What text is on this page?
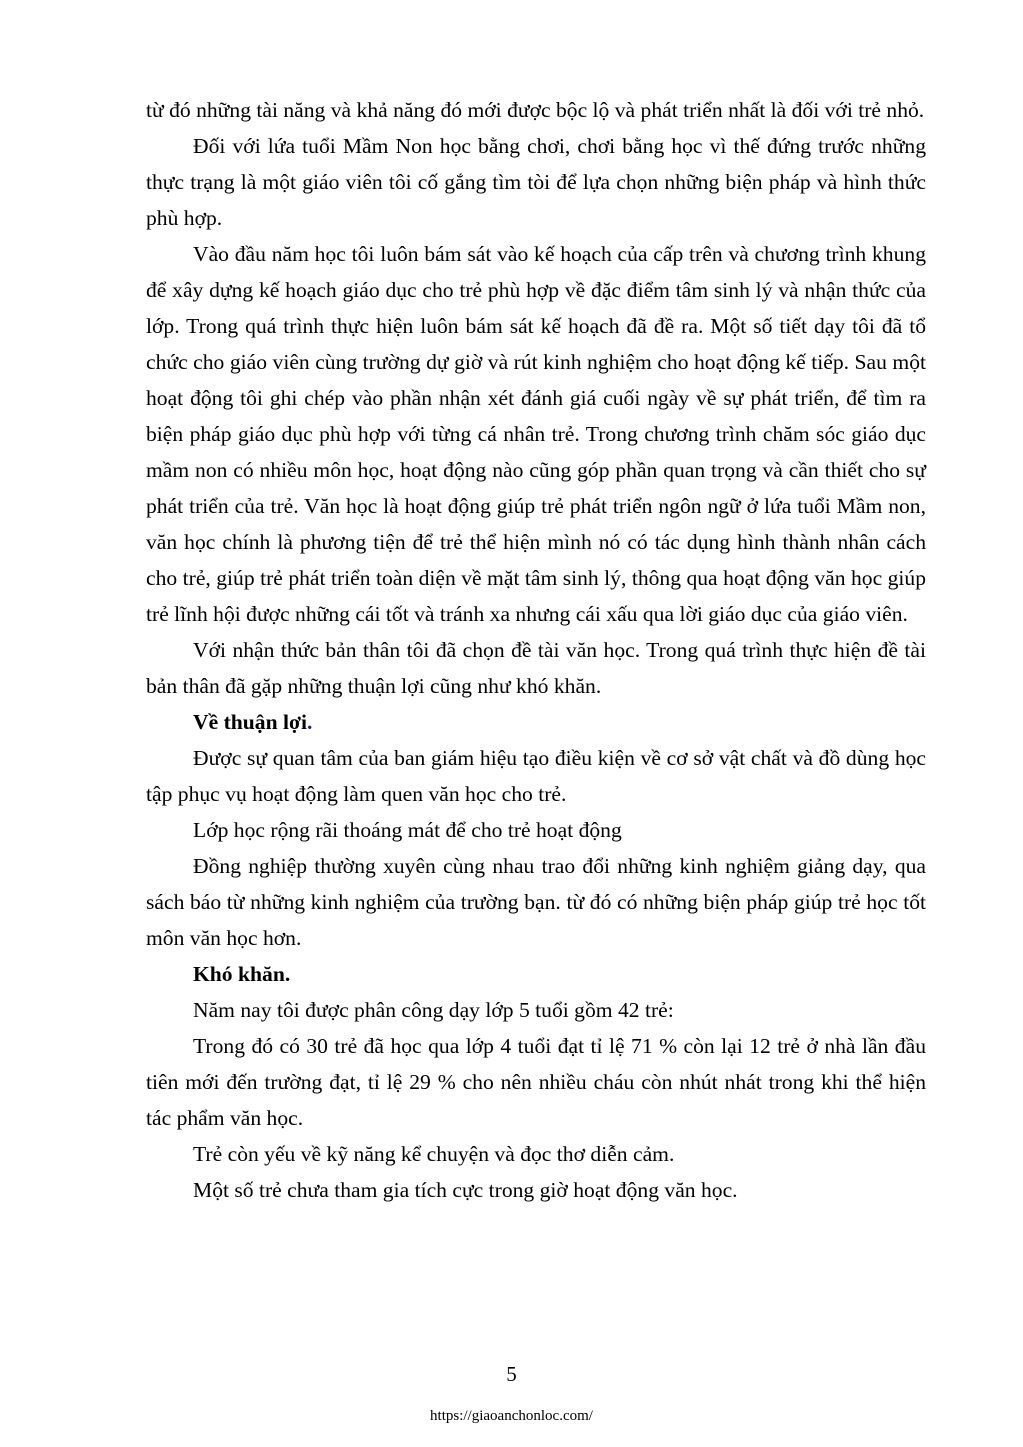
từ đó những tài năng và khả năng đó mới được bộc lộ và phát triển nhất là đối với trẻ nhỏ.

Đối với lứa tuổi Mầm Non học bằng chơi, chơi bằng học vì thế đứng trước những thực trạng là một giáo viên tôi cố gắng tìm tòi để lựa chọn những biện pháp và hình thức phù hợp.

Vào đầu năm học tôi luôn bám sát vào kế hoạch của cấp trên và chương trình khung để xây dựng kế hoạch giáo dục cho trẻ phù hợp về đặc điểm tâm sinh lý và nhận thức của lớp. Trong quá trình thực hiện luôn bám sát kế hoạch đã đề ra. Một số tiết dạy tôi đã tổ chức cho giáo viên cùng trường dự giờ và rút kinh nghiệm cho hoạt động kế tiếp. Sau một hoạt động tôi ghi chép vào phần nhận xét đánh giá cuối ngày về sự phát triển, để tìm ra biện pháp giáo dục phù hợp với từng cá nhân trẻ. Trong chương trình chăm sóc giáo dục mầm non có nhiều môn học, hoạt động nào cũng góp phần quan trọng và cần thiết cho sự phát triển của trẻ. Văn học là hoạt động giúp trẻ phát triển ngôn ngữ ở lứa tuổi Mầm non, văn học chính là phương tiện để trẻ thể hiện mình nó có tác dụng hình thành nhân cách cho trẻ, giúp trẻ phát triển toàn diện về mặt tâm sinh lý, thông qua hoạt động văn học giúp trẻ lĩnh hội được những cái tốt và tránh xa nhưng cái xấu qua lời giáo dục của giáo viên.

Với nhận thức bản thân tôi đã chọn đề tài văn học. Trong quá trình thực hiện đề tài bản thân đã gặp những thuận lợi cũng như khó khăn.

Về thuận lợi.

Được sự quan tâm của ban giám hiệu tạo điều kiện về cơ sở vật chất và đồ dùng học tập phục vụ hoạt động làm quen văn học cho trẻ.

Lớp học rộng rãi thoáng mát để cho trẻ hoạt động

Đồng nghiệp thường xuyên cùng nhau trao đổi những kinh nghiệm giảng dạy, qua sách báo từ những kinh nghiệm của trường bạn. từ đó có những biện pháp giúp trẻ học tốt môn văn học hơn.

Khó khăn.

Năm nay tôi được phân công dạy lớp 5 tuổi gồm 42 trẻ:

Trong đó có 30 trẻ đã học qua lớp 4 tuổi đạt tỉ lệ 71 % còn lại 12 trẻ ở nhà lần đầu tiên mới đến trường đạt, tỉ lệ 29 % cho nên nhiều cháu còn nhút nhát trong khi thể hiện tác phẩm văn học.

Trẻ còn yếu về kỹ năng kể chuyện và đọc thơ diễn cảm.

Một số trẻ chưa tham gia tích cực trong giờ hoạt động văn học.

5
https://giaoanchonloc.com/
